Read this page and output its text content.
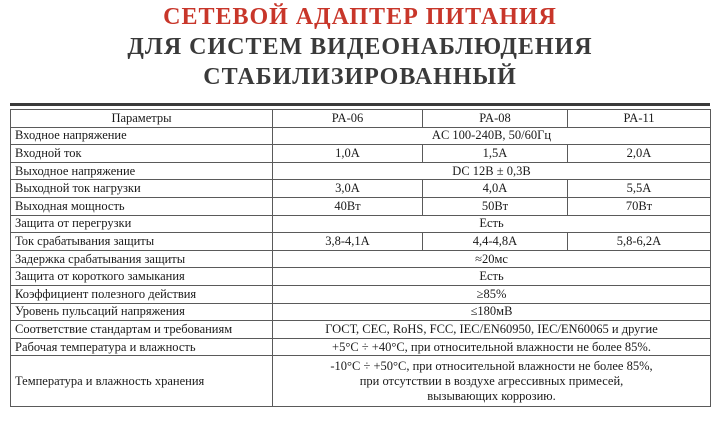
СЕТЕВОЙ АДАПТЕР ПИТАНИЯ
ДЛЯ СИСТЕМ ВИДЕОНАБЛЮДЕНИЯ
СТАБИЛИЗИРОВАННЫЙ
Параметры	PA-06	PA-08	PA-11
Входное напряжение	AC 100-240В, 50/60Гц		
Входной ток	1,0A	1,5A	2,0A
Выходное напряжение	DC 12B ± 0,3B		
Выходной ток нагрузки	3,0A	4,0A	5,5A
Выходная мощность	40Вт	50Вт	70Вт
Защита от перегрузки	Есть		
Ток срабатывания защиты	3,8-4,1A	4,4-4,8A	5,8-6,2A
Задержка срабатывания защиты	≈20мс		
Защита от короткого замыкания	Есть		
Коэффициент полезного действия	≥85%		
Уровень пульсаций напряжения	≤180мВ		
Соответствие стандартам и требованиям	ГОСТ, CEC, RoHS, FCC, IEC/EN60950, IEC/EN60065 и другие		
Рабочая температура и влажность	+5°C ÷ +40°C, при относительной влажности не более 85%.		
Температура и влажность хранения	-10°C ÷ +50°C, при относительной влажности не более 85%,
при отсутствии в воздухе агрессивных примесей,
вызывающих коррозию.		
